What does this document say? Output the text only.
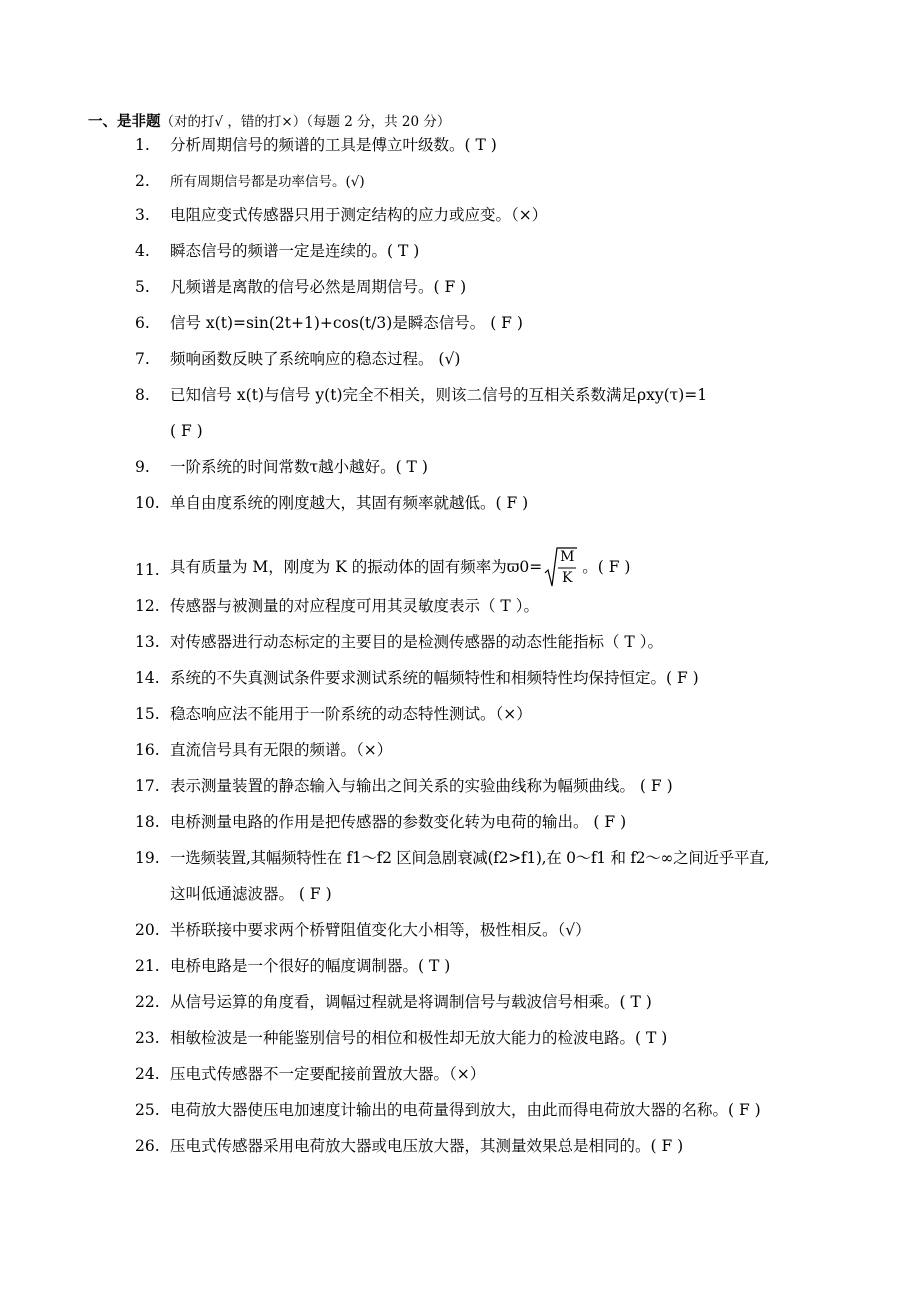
一、是非题（对的打√ ，错的打×）（每题 2 分，共 20 分）
1.	分析周期信号的频谱的工具是傅立叶级数。( T )
2.	所有周期信号都是功率信号。(√)
3.	电阻应变式传感器只用于测定结构的应力或应变。（×）
4.	瞬态信号的频谱一定是连续的。( T )
5.	凡频谱是离散的信号必然是周期信号。( F )
6.	信号 x(t)=sin(2t+1)+cos(t/3)是瞬态信号。 ( F )
7.	频响函数反映了系统响应的稳态过程。 (√)
8.	已知信号 x(t)与信号 y(t)完全不相关，则该二信号的互相关系数满足ρxy(τ)=1
( F )
9.	一阶系统的时间常数τ越小越好。( T )
10. 单自由度系统的刚度越大，其固有频率就越低。( F )
11. 具有质量为 M，刚度为 K 的振动体的固有频率为ϖ0=
M
K
。( F )
12. 传感器与被测量的对应程度可用其灵敏度表示（ T ）。
13. 对传感器进行动态标定的主要目的是检测传感器的动态性能指标（ T ）。
14. 系统的不失真测试条件要求测试系统的幅频特性和相频特性均保持恒定。( F )
15. 稳态响应法不能用于一阶系统的动态特性测试。（×）
16. 直流信号具有无限的频谱。（×）
17. 表示测量装置的静态输入与输出之间关系的实验曲线称为幅频曲线。 ( F )
18. 电桥测量电路的作用是把传感器的参数变化转为电荷的输出。 ( F )
19. 一选频装置,其幅频特性在 f1～f2 区间急剧衰减(f2>f1),在 0～f1 和 f2～∞之间近乎平直,
这叫低通滤波器。 ( F )
20. 半桥联接中要求两个桥臂阻值变化大小相等，极性相反。（√）
21. 电桥电路是一个很好的幅度调制器。( T )
22. 从信号运算的角度看，调幅过程就是将调制信号与载波信号相乘。( T )
23. 相敏检波是一种能鉴别信号的相位和极性却无放大能力的检波电路。( T )
24. 压电式传感器不一定要配接前置放大器。（×）
25. 电荷放大器使压电加速度计输出的电荷量得到放大，由此而得电荷放大器的名称。( F )
26. 压电式传感器采用电荷放大器或电压放大器，其测量效果总是相同的。( F )
